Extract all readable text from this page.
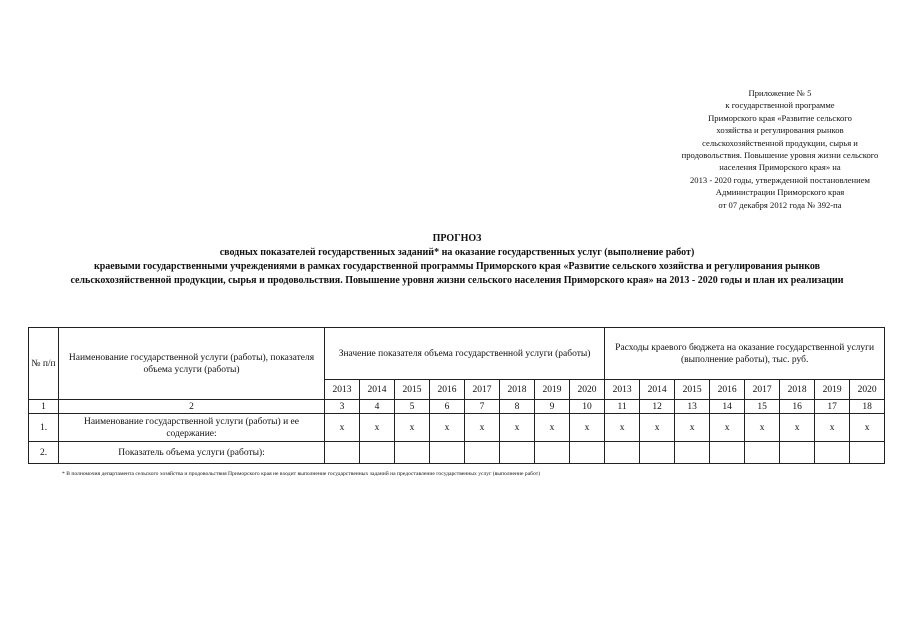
Приложение № 5
к государственной программе
Приморского края «Развитие сельского
хозяйства и регулирования рынков
сельскохозяйственной продукции, сырья и
продовольствия. Повышение уровня жизни сельского
населения Приморского края» на
2013 - 2020 годы, утвержденной постановлением
Администрации Приморского края
от 07 декабря 2012 года № 392-па
ПРОГНОЗ
сводных показателей государственных заданий* на оказание государственных услуг (выполнение работ)
краевыми государственными учреждениями в рамках государственной программы Приморского края «Развитие сельского хозяйства и регулирования рынков
сельскохозяйственной продукции, сырья и продовольствия. Повышение уровня жизни сельского населения Приморского края» на 2013 - 2020 годы и план их реализации
№ п/п	Наименование государственной услуги (работы), показателя объема услуги (работы)	Значение показателя объема государственной услуги (работы)								Расходы краевого бюджета на оказание государственной услуги (выполнение работы), тыс. руб.							
		2013	2014	2015	2016	2017	2018	2019	2020	2013	2014	2015	2016	2017	2018	2019	2020
1	2	3	4	5	6	7	8	9	10	11	12	13	14	15	16	17	18
1.	Наименование государственной услуги (работы) и ее содержание:	х	х	х	х	х	х	х	х	х	х	х	х	х	х	х	х
2.	Показатель объема услуги (работы):																
* В полномочия департамента сельского хозяйства и продовольствия Приморского края не входит выполнение государственных заданий на предоставление государственных услуг (выполнение работ)
